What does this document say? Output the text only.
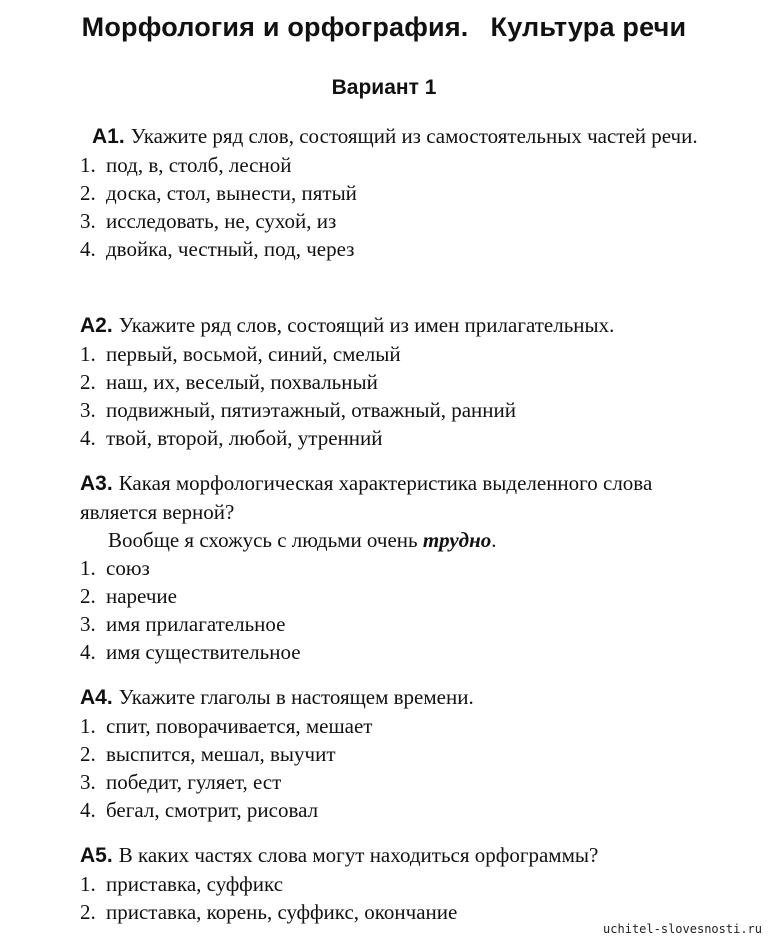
Морфология и орфография. Культура речи
Вариант 1
А1. Укажите ряд слов, состоящий из самостоятельных частей речи.
1. под, в, столб, лесной
2. доска, стол, вынести, пятый
3. исследовать, не, сухой, из
4. двойка, честный, под, через
А2. Укажите ряд слов, состоящий из имен прилагательных.
1. первый, восьмой, синий, смелый
2. наш, их, веселый, похвальный
3. подвижный, пятиэтажный, отважный, ранний
4. твой, второй, любой, утренний
А3. Какая морфологическая характеристика выделенного слова является верной?
Вообще я схожусь с людьми очень трудно.
1. союз
2. наречие
3. имя прилагательное
4. имя существительное
А4. Укажите глаголы в настоящем времени.
1. спит, поворачивается, мешает
2. выспится, мешал, выучит
3. победит, гуляет, ест
4. бегал, смотрит, рисовал
А5. В каких частях слова могут находиться орфограммы?
1. приставка, суффикс
2. приставка, корень, суффикс, окончание
uchitel-slovesnosti.ru
